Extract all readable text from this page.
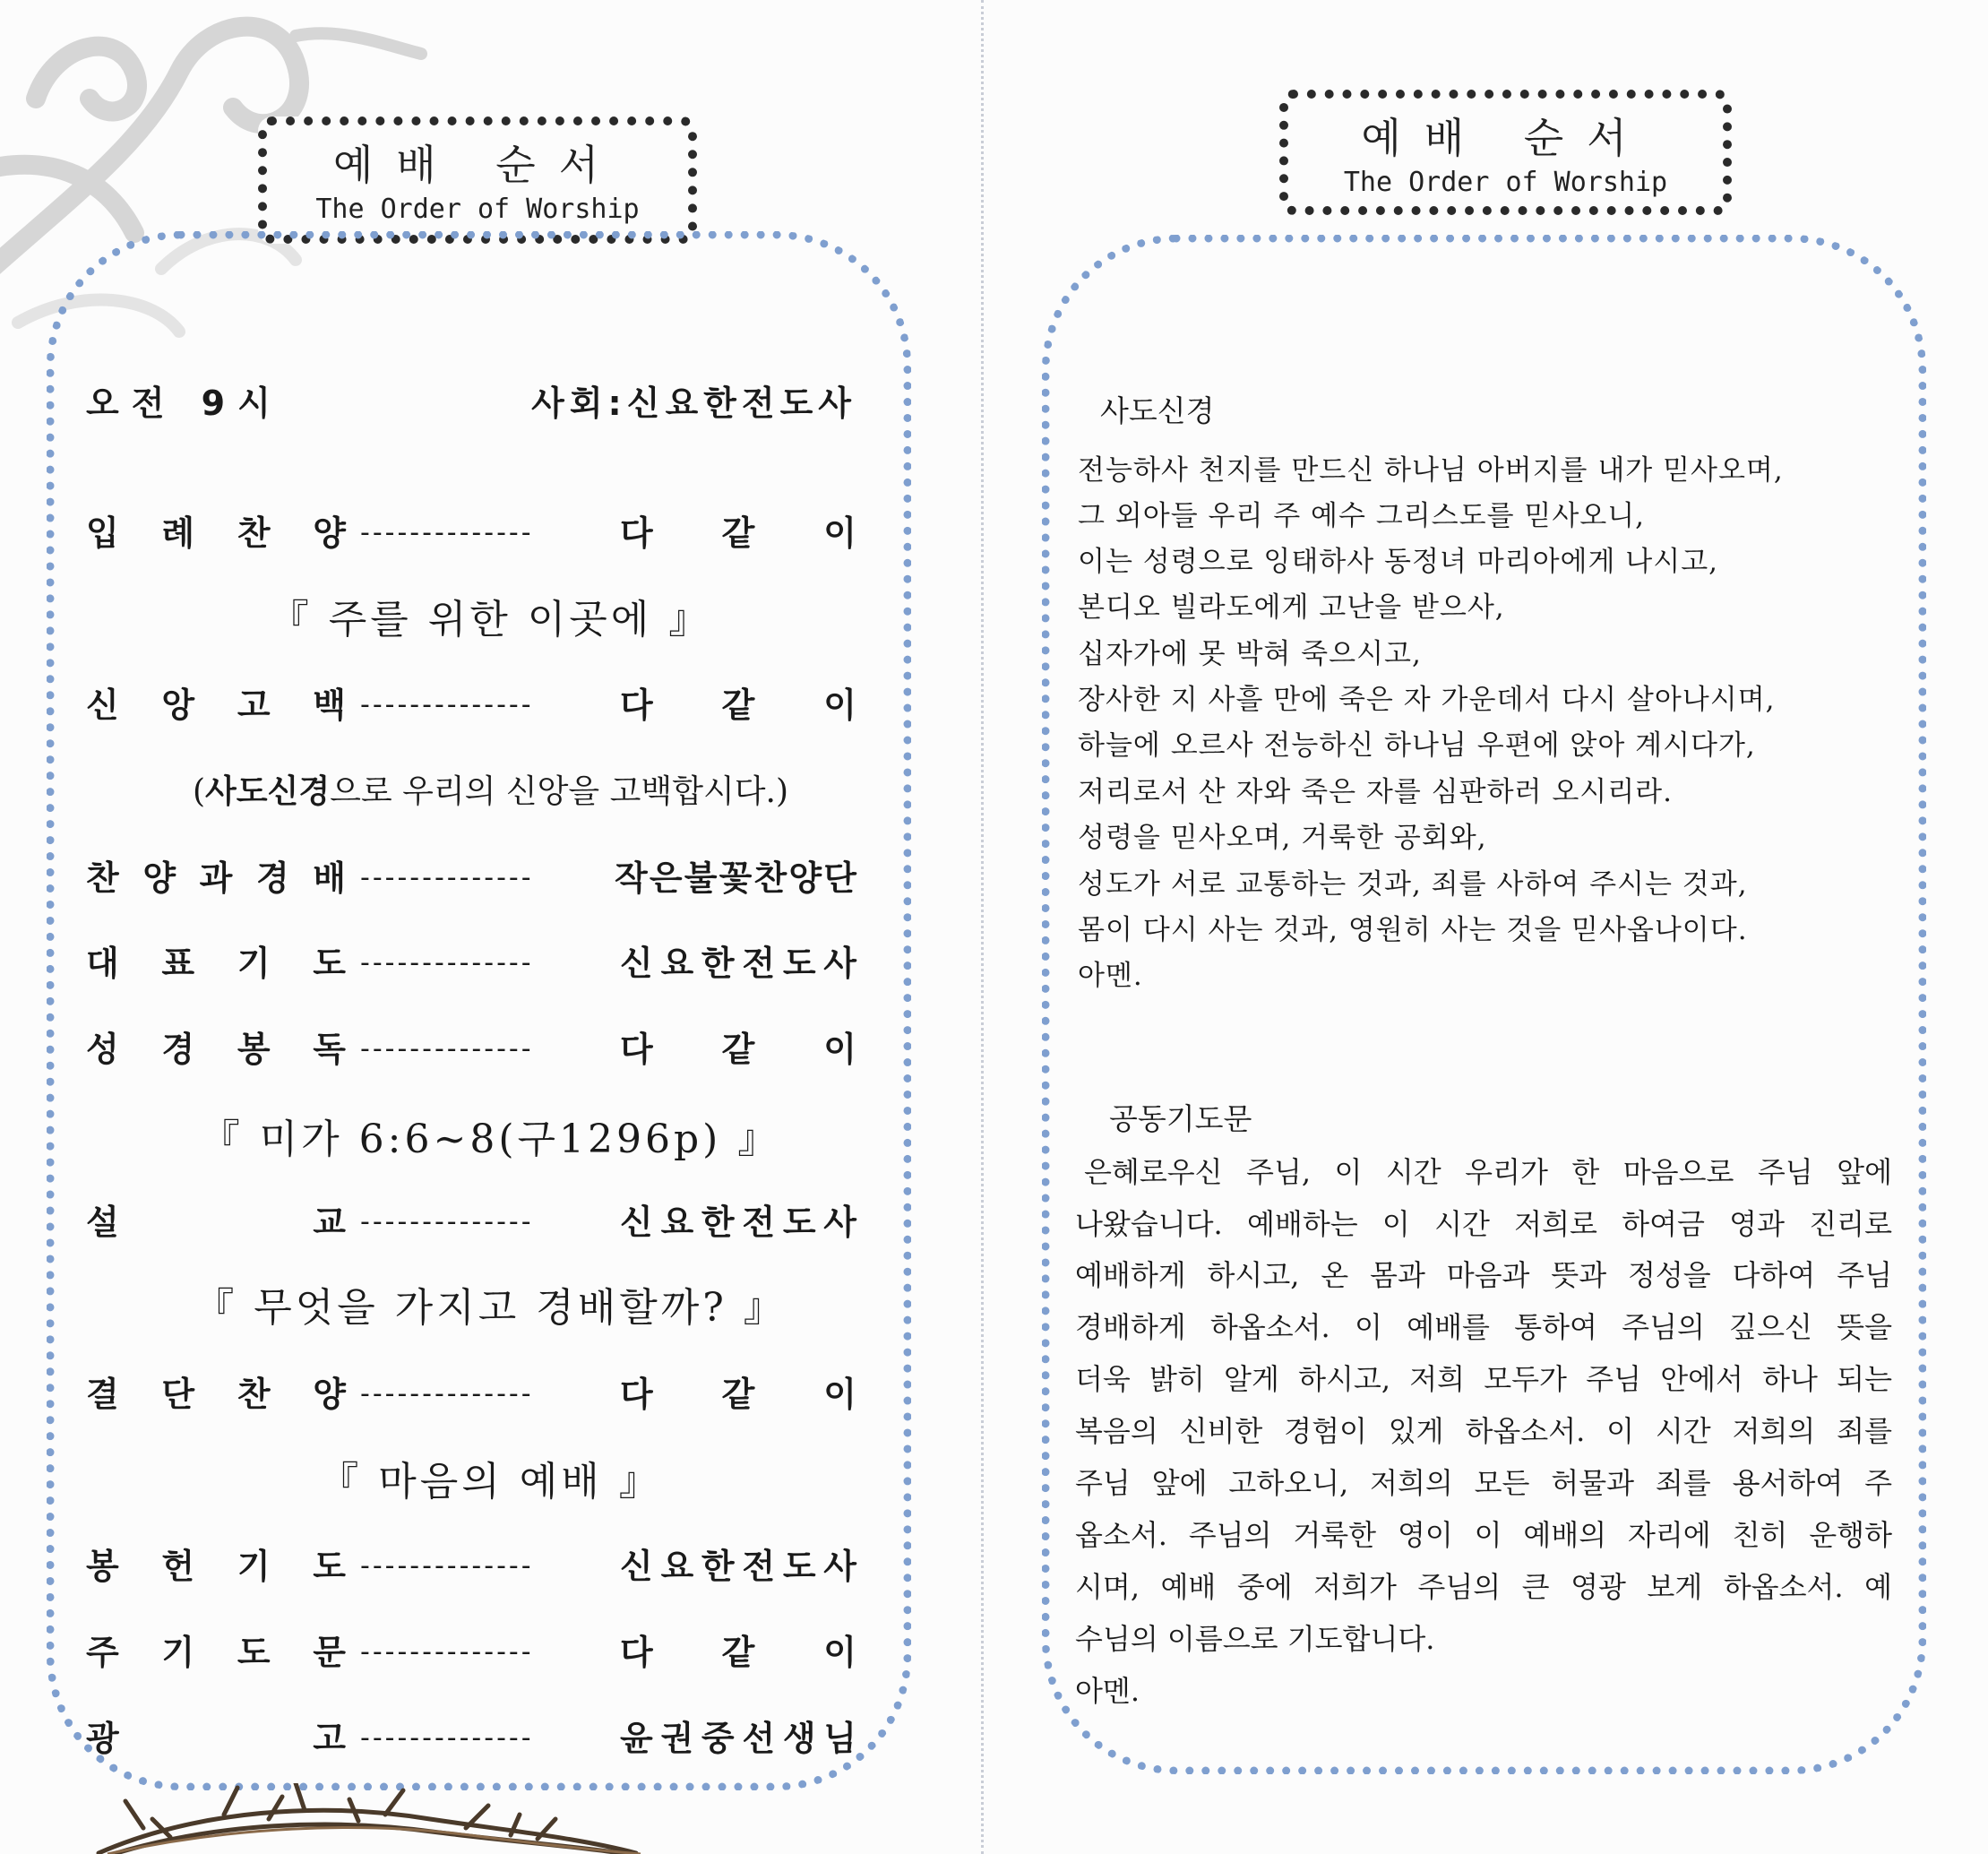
예배 순서
The Order of Worship
오전 9시	사회:신요한전도사
입 례 찬 양 --------------	다 같 이
『 주를 위한 이곳에 』
신 앙 고 백 --------------	다 같 이
(사도신경으로 우리의 신앙을 고백합시다.)
찬 양 과 경 배 --------------	작 은 불 꽃 찬 양 단
대 표 기 도 --------------	신 요 한 전 도 사
성 경 봉 독 --------------	다 같 이
『 미가 6:6~8(구1296p) 』
설	교 --------------	신 요 한 전 도 사
『 무엇을 가지고 경배할까? 』
결 단 찬 양 --------------	다 같 이
『 마음의 예배 』
봉 헌 기 도 --------------	신 요 한 전 도 사
주 기 도 문 --------------	다 같 이
광	고 --------------	윤 권 중 선 생 님
예배 순서
The Order of Worship
사도신경
전능하사 천지를 만드신 하나님 아버지를 내가 믿사오며,
그 외아들 우리 주 예수 그리스도를 믿사오니,
이는 성령으로 잉태하사 동정녀 마리아에게 나시고,
본디오 빌라도에게 고난을 받으사,
십자가에 못 박혀 죽으시고,
장사한 지 사흘 만에 죽은 자 가운데서 다시 살아나시며,
하늘에 오르사 전능하신 하나님 우편에 앉아 계시다가,
저리로서 산 자와 죽은 자를 심판하러 오시리라.
성령을 믿사오며, 거룩한 공회와,
성도가 서로 교통하는 것과, 죄를 사하여 주시는 것과,
몸이 다시 사는 것과, 영원히 사는 것을 믿사옵나이다.
아멘.
공동기도문
은혜로우신 주님, 이 시간 우리가 한 마음으로 주님 앞에
나왔습니다. 예배하는 이 시간 저희로 하여금 영과 진리로
예배하게 하시고, 온 몸과 마음과 뜻과 정성을 다하여 주님
경배하게 하옵소서. 이 예배를 통하여 주님의 깊으신 뜻을
더욱 밝히 알게 하시고, 저희 모두가 주님 안에서 하나 되는
복음의 신비한 경험이 있게 하옵소서. 이 시간 저희의 죄를
주님 앞에 고하오니, 저희의 모든 허물과 죄를 용서하여 주
옵소서. 주님의 거룩한 영이 이 예배의 자리에 친히 운행하
시며, 예배 중에 저희가 주님의 큰 영광 보게 하옵소서. 예
수님의 이름으로 기도합니다.
아멘.
